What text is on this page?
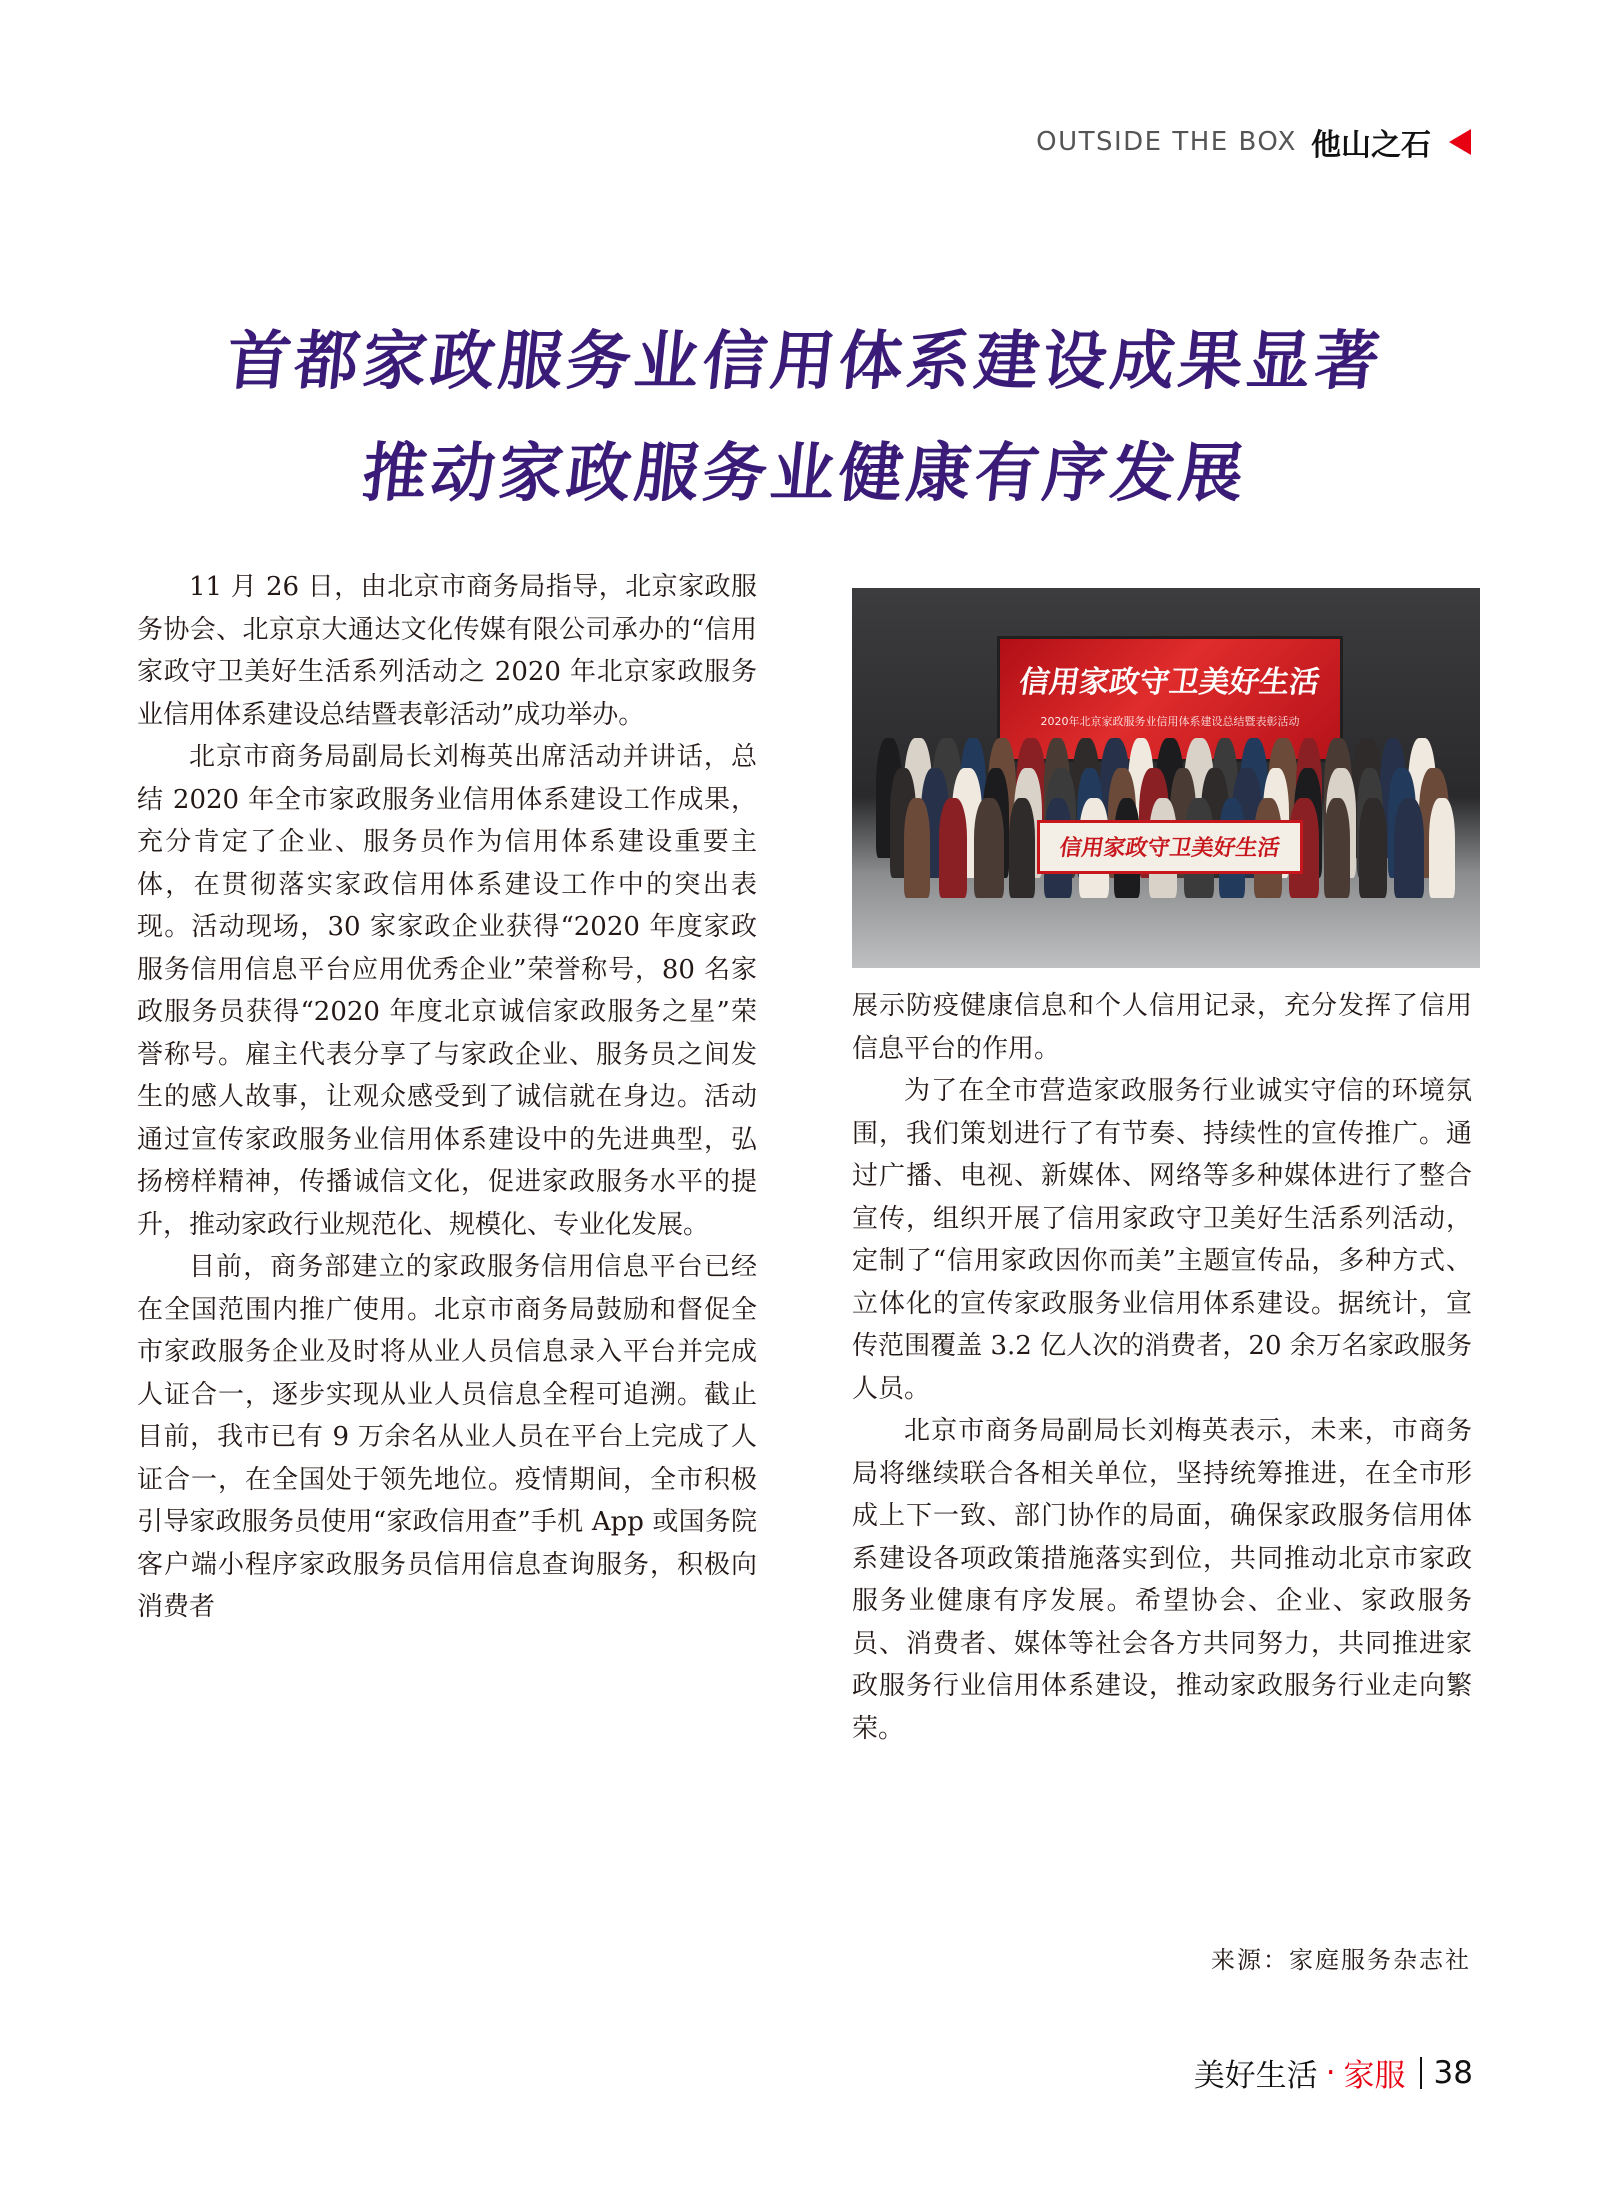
OUTSIDE THE BOX 他山之石
首都家政服务业信用体系建设成果显著
推动家政服务业健康有序发展

11 月 26 日，由北京市商务局指导，北京家政服务协会、北京京大通达文化传媒有限公司承办的“信用家政守卫美好生活系列活动之 2020 年北京家政服务业信用体系建设总结暨表彰活动”成功举办。

北京市商务局副局长刘梅英出席活动并讲话，总结 2020 年全市家政服务业信用体系建设工作成果，充分肯定了企业、服务员作为信用体系建设重要主体，在贯彻落实家政信用体系建设工作中的突出表现。活动现场，30 家家政企业获得“2020 年度家政服务信用信息平台应用优秀企业”荣誉称号，80 名家政服务员获得“2020 年度北京诚信家政服务之星”荣誉称号。雇主代表分享了与家政企业、服务员之间发生的感人故事，让观众感受到了诚信就在身边。活动通过宣传家政服务业信用体系建设中的先进典型，弘扬榜样精神，传播诚信文化，促进家政服务水平的提升，推动家政行业规范化、规模化、专业化发展。

目前，商务部建立的家政服务信用信息平台已经在全国范围内推广使用。北京市商务局鼓励和督促全市家政服务企业及时将从业人员信息录入平台并完成人证合一，逐步实现从业人员信息全程可追溯。截止目前，我市已有 9 万余名从业人员在平台上完成了人证合一，在全国处于领先地位。疫情期间，全市积极引导家政服务员使用“家政信用查”手机 App 或国务院客户端小程序家政服务员信用信息查询服务，积极向消费者

信用家政守卫美好生活
2020年北京家政服务业信用体系建设总结暨表彰活动
信用家政守卫美好生活

展示防疫健康信息和个人信用记录，充分发挥了信用信息平台的作用。

为了在全市营造家政服务行业诚实守信的环境氛围，我们策划进行了有节奏、持续性的宣传推广。通过广播、电视、新媒体、网络等多种媒体进行了整合宣传，组织开展了信用家政守卫美好生活系列活动，定制了“信用家政因你而美”主题宣传品，多种方式、立体化的宣传家政服务业信用体系建设。据统计，宣传范围覆盖 3.2 亿人次的消费者，20 余万名家政服务人员。

北京市商务局副局长刘梅英表示，未来，市商务局将继续联合各相关单位，坚持统筹推进，在全市形成上下一致、部门协作的局面，确保家政服务信用体系建设各项政策措施落实到位，共同推动北京市家政服务业健康有序发展。希望协会、企业、家政服务员、消费者、媒体等社会各方共同努力，共同推进家政服务行业信用体系建设，推动家政服务行业走向繁荣。

来源：家庭服务杂志社
美好生活 · 家服 38
